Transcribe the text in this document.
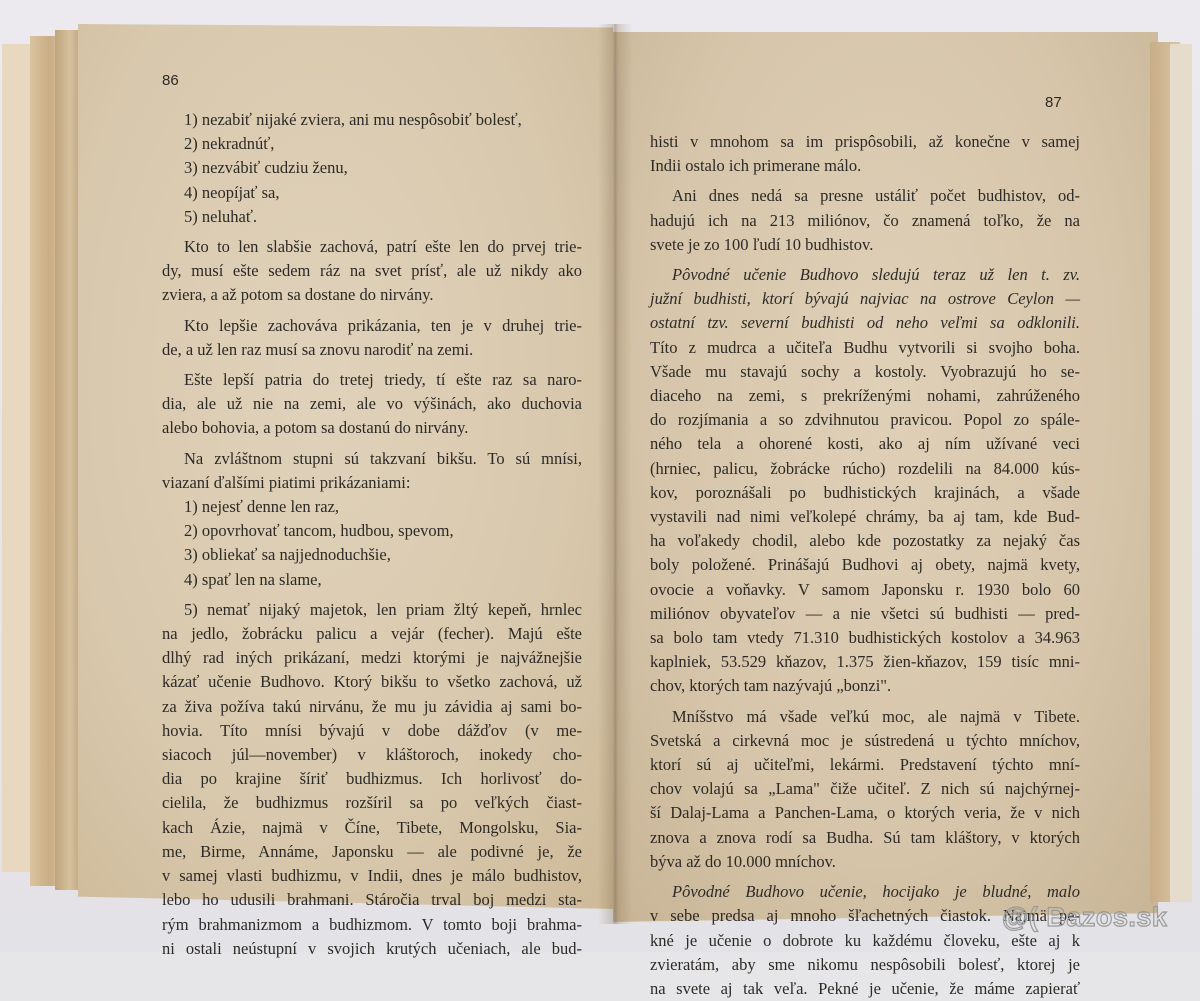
86
87
1) nezabiť nijaké zviera, ani mu nespôsobiť bolesť,
2) nekradnúť,
3) nezvábiť cudziu ženu,
4) neopíjať sa,
5) neluhať.
Kto to len slabšie zachová, patrí ešte len do prvej trie-
dy, musí ešte sedem ráz na svet prísť, ale už nikdy ako
zviera, a až potom sa dostane do nirvány.
Kto lepšie zachováva prikázania, ten je v druhej trie-
de, a už len raz musí sa znovu narodiť na zemi.
Ešte lepší patria do tretej triedy, tí ešte raz sa naro-
dia, ale už nie na zemi, ale vo výšinách, ako duchovia
alebo bohovia, a potom sa dostanú do nirvány.
Na zvláštnom stupni sú takzvaní bikšu. To sú mnísi,
viazaní ďalšími piatimi prikázaniami:
1) nejesť denne len raz,
2) opovrhovať tancom, hudbou, spevom,
3) obliekať sa najjednoduchšie,
4) spať len na slame,
5) nemať nijaký majetok, len priam žltý kepeň, hrnlec
na jedlo, žobrácku palicu a vejár (fecher). Majú ešte
dlhý rad iných prikázaní, medzi ktorými je najvážnejšie
kázať učenie Budhovo. Ktorý bikšu to všetko zachová, už
za živa požíva takú nirvánu, že mu ju závidia aj sami bo-
hovia. Títo mnísi bývajú v dobe dážďov (v me-
siacoch júl—november) v kláštoroch, inokedy cho-
dia po krajine šíriť budhizmus. Ich horlivosť do-
cielila, že budhizmus rozšíril sa po veľkých čiast-
kach Ázie, najmä v Číne, Tibete, Mongolsku, Sia-
me, Birme, Annáme, Japonsku — ale podivné je, že
v samej vlasti budhizmu, v Indii, dnes je málo budhistov,
lebo ho udusili brahmani. Stáročia trval boj medzi sta-
rým brahmanizmom a budhizmom. V tomto boji brahma-
ni ostali neústupní v svojich krutých učeniach, ale bud-
histi v mnohom sa im prispôsobili, až konečne v samej
Indii ostalo ich primerane málo.
Ani dnes nedá sa presne ustáliť počet budhistov, od-
hadujú ich na 213 miliónov, čo znamená toľko, že na
svete je zo 100 ľudí 10 budhistov.
Pôvodné učenie Budhovo sledujú teraz už len t. zv.
južní budhisti, ktorí bývajú najviac na ostrove Ceylon —
ostatní tzv. severní budhisti od neho veľmi sa odklonili.
Títo z mudrca a učiteľa Budhu vytvorili si svojho boha.
Všade mu stavajú sochy a kostoly. Vyobrazujú ho se-
diaceho na zemi, s prekríženými nohami, zahrúženého
do rozjímania a so zdvihnutou pravicou. Popol zo spále-
ného tela a ohorené kosti, ako aj ním užívané veci
(hrniec, palicu, žobrácke rúcho) rozdelili na 84.000 kús-
kov, poroznášali po budhistických krajinách, a všade
vystavili nad nimi veľkolepé chrámy, ba aj tam, kde Bud-
ha voľakedy chodil, alebo kde pozostatky za nejaký čas
boly položené. Prinášajú Budhovi aj obety, najmä kvety,
ovocie a voňavky. V samom Japonsku r. 1930 bolo 60
miliónov obyvateľov — a nie všetci sú budhisti — pred-
sa bolo tam vtedy 71.310 budhistických kostolov a 34.963
kaplniek, 53.529 kňazov, 1.375 žien-kňazov, 159 tisíc mni-
chov, ktorých tam nazývajú „bonzi".
Mníšstvo má všade veľkú moc, ale najmä v Tibete.
Svetská a cirkevná moc je sústredená u týchto mníchov,
ktorí sú aj učiteľmi, lekármi. Predstavení týchto mní-
chov volajú sa „Lama" čiže učiteľ. Z nich sú najchýrnej-
ší Dalaj-Lama a Panchen-Lama, o ktorých veria, že v nich
znova a znova rodí sa Budha. Sú tam kláštory, v ktorých
býva až do 10.000 mníchov.
Pôvodné Budhovo učenie, hocijako je bludné, malo
v sebe predsa aj mnoho šľachetných čiastok. Najmä pe-
kné je učenie o dobrote ku každému človeku, ešte aj k
zvieratám, aby sme nikomu nespôsobili bolesť, ktorej je
na svete aj tak veľa. Pekné je učenie, že máme zapierať
@( Bazos.sk
